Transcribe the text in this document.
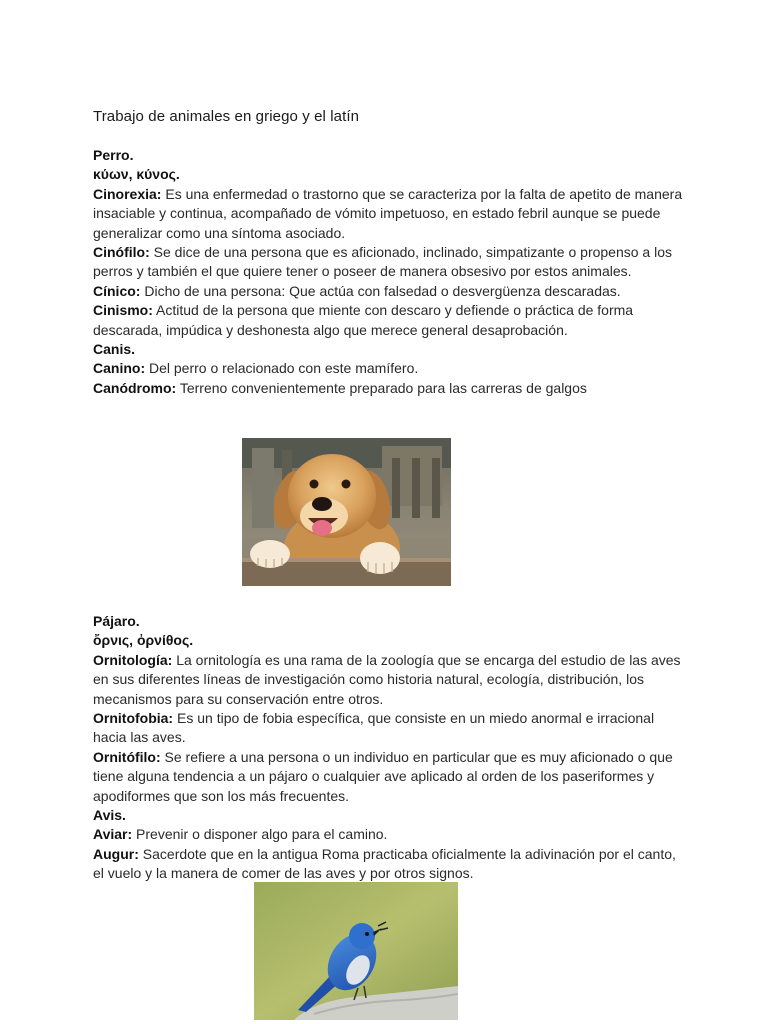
Trabajo de animales en griego y el latín

Perro.

κύων, κύνος.

Cinorexia: Es una enfermedad o trastorno que se caracteriza por la falta de apetito de manera insaciable y continua, acompañado de vómito impetuoso, en estado febril aunque se puede generalizar como una síntoma asociado.

Cinófilo: Se dice de una persona que es aficionado, inclinado, simpatizante o propenso a los perros y también el que quiere tener o poseer de manera obsesivo por estos animales.

Cínico: Dicho de una persona: Que actúa con falsedad o desvergüenza descaradas.

Cinismo: Actitud de la persona que miente con descaro y defiende o práctica de forma descarada, impúdica y deshonesta algo que merece general desaprobación.

Canis.

Canino: Del perro o relacionado con este mamífero.

Canódromo: Terreno convenientemente preparado para las carreras de galgos

Pájaro.

ὄρνις, ὀρνίθος.

Ornitología: La ornitología es una rama de la zoología que se encarga del estudio de las aves en sus diferentes líneas de investigación como historia natural, ecología, distribución, los mecanismos para su conservación entre otros.

Ornitofobia: Es un tipo de fobia específica, que consiste en un miedo anormal e irracional hacia las aves.

Ornitófilo: Se refiere a una persona o un individuo en particular que es muy aficionado o que tiene alguna tendencia a un pájaro o cualquier ave aplicado al orden de los paseriformes y apodiformes que son los más frecuentes.

Avis.

Aviar: Prevenir o disponer algo para el camino.

Augur: Sacerdote que en la antigua Roma practicaba oficialmente la adivinación por el canto, el vuelo y la manera de comer de las aves y por otros signos.
